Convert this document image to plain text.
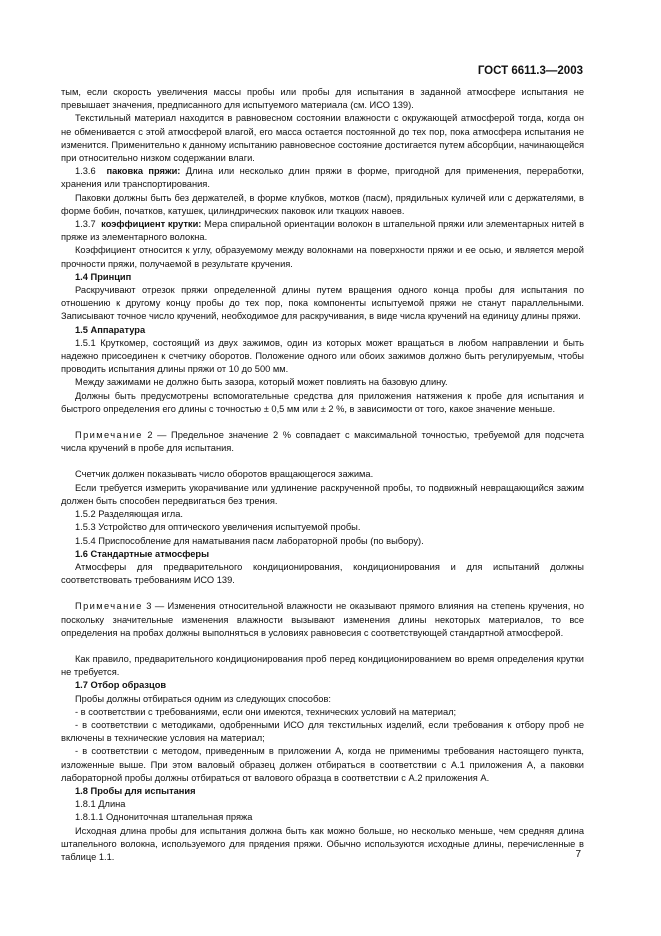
ГОСТ 6611.3—2003

тым, если скорость увеличения массы пробы или пробы для испытания в заданной атмосфере испытания не превышает значения, предписанного для испытуемого материала (см. ИСО 139).

Текстильный материал находится в равновесном состоянии влажности с окружающей атмосферой тогда, когда он не обменивается с этой атмосферой влагой, его масса остается постоянной до тех пор, пока атмосфера испытания не изменится. Применительно к данному испытанию равновесное состояние достигается путем абсорбции, начинающейся при относительно низком содержании влаги.

1.3.6 паковка пряжи: Длина или несколько длин пряжи в форме, пригодной для применения, переработки, хранения или транспортирования.

Паковки должны быть без держателей, в форме клубков, мотков (пасм), прядильных куличей или с держателями, в форме бобин, початков, катушек, цилиндрических паковок или ткацких навоев.

1.3.7 коэффициент крутки: Мера спиральной ориентации волокон в штапельной пряжи или элементарных нитей в пряже из элементарного волокна.

Коэффициент относится к углу, образуемому между волокнами на поверхности пряжи и ее осью, и является мерой прочности пряжи, получаемой в результате кручения.

1.4 Принцип

Раскручивают отрезок пряжи определенной длины путем вращения одного конца пробы для испытания по отношению к другому концу пробы до тех пор, пока компоненты испытуемой пряжи не станут параллельными. Записывают точное число кручений, необходимое для раскручивания, в виде числа кручений на единицу длины пряжи.

1.5 Аппаратура

1.5.1 Круткомер, состоящий из двух зажимов, один из которых может вращаться в любом направлении и быть надежно присоединен к счетчику оборотов. Положение одного или обоих зажимов должно быть регулируемым, чтобы проводить испытания длины пряжи от 10 до 500 мм.

Между зажимами не должно быть зазора, который может повлиять на базовую длину.

Должны быть предусмотрены вспомогательные средства для приложения натяжения к пробе для испытания и быстрого определения его длины с точностью ± 0,5 мм или ± 2 %, в зависимости от того, какое значение меньше.

Примечание 2 — Предельное значение 2 % совпадает с максимальной точностью, требуемой для подсчета числа кручений в пробе для испытания.

Счетчик должен показывать число оборотов вращающегося зажима.

Если требуется измерить укорачивание или удлинение раскрученной пробы, то подвижный невращающийся зажим должен быть способен передвигаться без трения.

1.5.2 Разделяющая игла.

1.5.3 Устройство для оптического увеличения испытуемой пробы.

1.5.4 Приспособление для наматывания пасм лабораторной пробы (по выбору).

1.6 Стандартные атмосферы

Атмосферы для предварительного кондиционирования, кондиционирования и для испытаний должны соответствовать требованиям ИСО 139.

Примечание 3 — Изменения относительной влажности не оказывают прямого влияния на степень кручения, но поскольку значительные изменения влажности вызывают изменения длины некоторых материалов, то все определения на пробах должны выполняться в условиях равновесия с соответствующей стандартной атмосферой.

Как правило, предварительного кондиционирования проб перед кондиционированием во время определения крутки не требуется.

1.7 Отбор образцов

Пробы должны отбираться одним из следующих способов:

- в соответствии с требованиями, если они имеются, технических условий на материал;

- в соответствии с методиками, одобренными ИСО для текстильных изделий, если требования к отбору проб не включены в технические условия на материал;

- в соответствии с методом, приведенным в приложении А, когда не применимы требования настоящего пункта, изложенные выше. При этом валовый образец должен отбираться в соответствии с А.1 приложения А, а паковки лабораторной пробы должны отбираться от валового образца в соответствии с А.2 приложения А.

1.8 Пробы для испытания

1.8.1 Длина

1.8.1.1 Однониточная штапельная пряжа

Исходная длина пробы для испытания должна быть как можно больше, но несколько меньше, чем средняя длина штапельного волокна, используемого для прядения пряжи. Обычно используются исходные длины, перечисленные в таблице 1.1.	7
